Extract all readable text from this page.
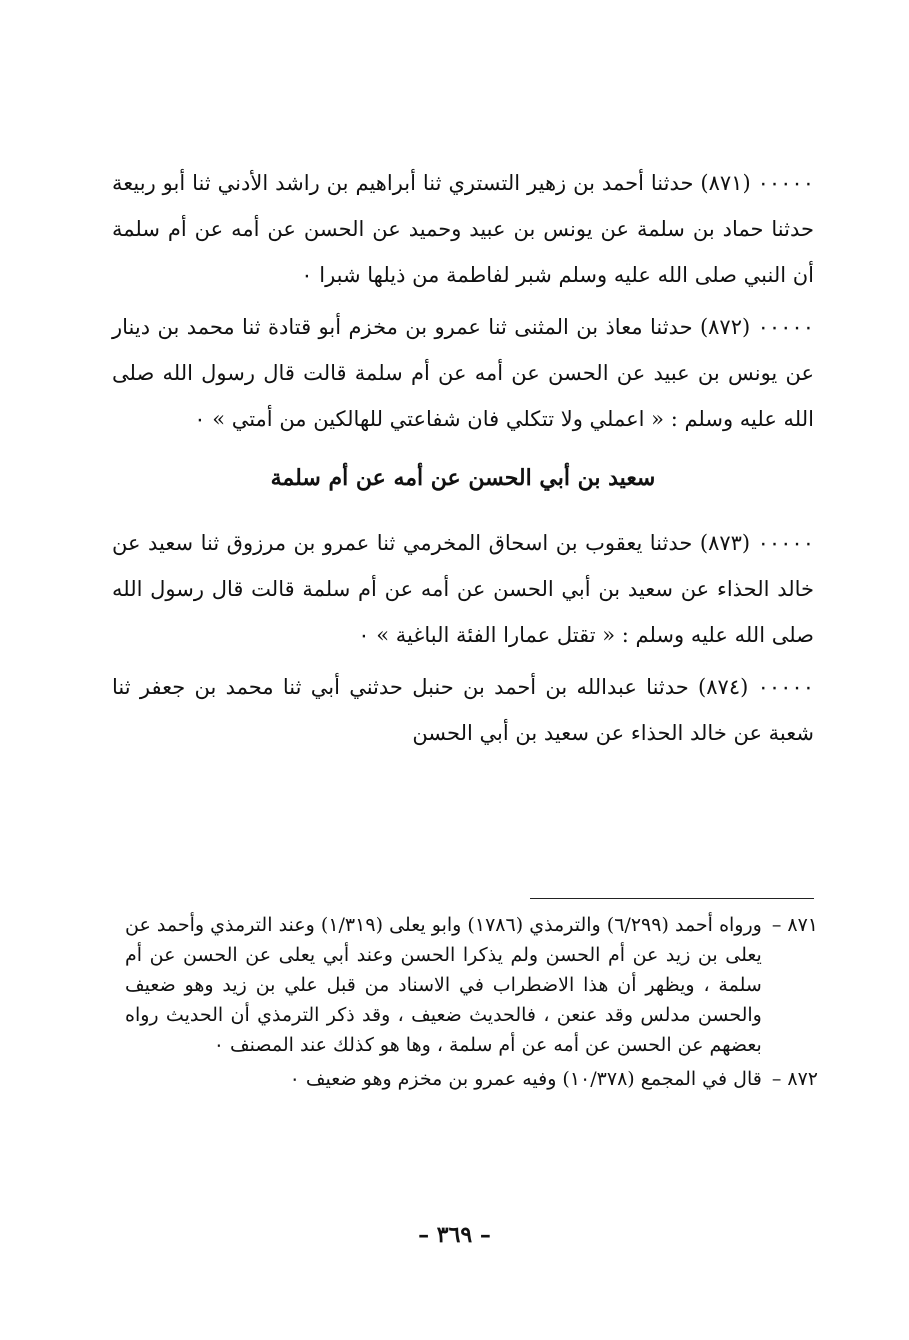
٠٠٠٠٠ (٨٧١) حدثنا أحمد بن زهير التستري ثنا أبراهيم بن راشد الأدني ثنا أبو ربيعة حدثنا حماد بن سلمة عن يونس بن عبيد وحميد عن الحسن عن أمه عن أم سلمة أن النبي صلى الله عليه وسلم شبر لفاطمة من ذيلها شبرا ٠

٠٠٠٠٠ (٨٧٢) حدثنا معاذ بن المثنى ثنا عمرو بن مخزم أبو قتادة ثنا محمد بن دينار عن يونس بن عبيد عن الحسن عن أمه عن أم سلمة قالت قال رسول الله صلى الله عليه وسلم : « اعملي ولا تتكلي فان شفاعتي للهالكين من أمتي » ٠

سعيد بن أبي الحسن عن أمه عن أم سلمة

٠٠٠٠٠ (٨٧٣) حدثنا يعقوب بن اسحاق المخرمي ثنا عمرو بن مرزوق ثنا سعيد عن خالد الحذاء عن سعيد بن أبي الحسن عن أمه عن أم سلمة قالت قال رسول الله صلى الله عليه وسلم : « تقتل عمارا الفئة الباغية » ٠

٠٠٠٠٠ (٨٧٤) حدثنا عبدالله بن أحمد بن حنبل حدثني أبي ثنا محمد بن جعفر ثنا شعبة عن خالد الحذاء عن سعيد بن أبي الحسن

٨٧١ –
ورواه أحمد (٦/٢٩٩) والترمذي (١٧٨٦) وابو يعلى (١/٣١٩) وعند الترمذي وأحمد عن يعلى بن زيد عن أم الحسن ولم يذكرا الحسن وعند أبي يعلى عن الحسن عن أم سلمة ، ويظهر أن هذا الاضطراب في الاسناد من قبل علي بن زيد وهو ضعيف والحسن مدلس وقد عنعن ، فالحديث ضعيف ، وقد ذكر الترمذي أن الحديث رواه بعضهم عن الحسن عن أمه عن أم سلمة ، وها هو كذلك عند المصنف ٠
٨٧٢ –
قال في المجمع (١٠/٣٧٨) وفيه عمرو بن مخزم وهو ضعيف ٠
– ٣٦٩ –
